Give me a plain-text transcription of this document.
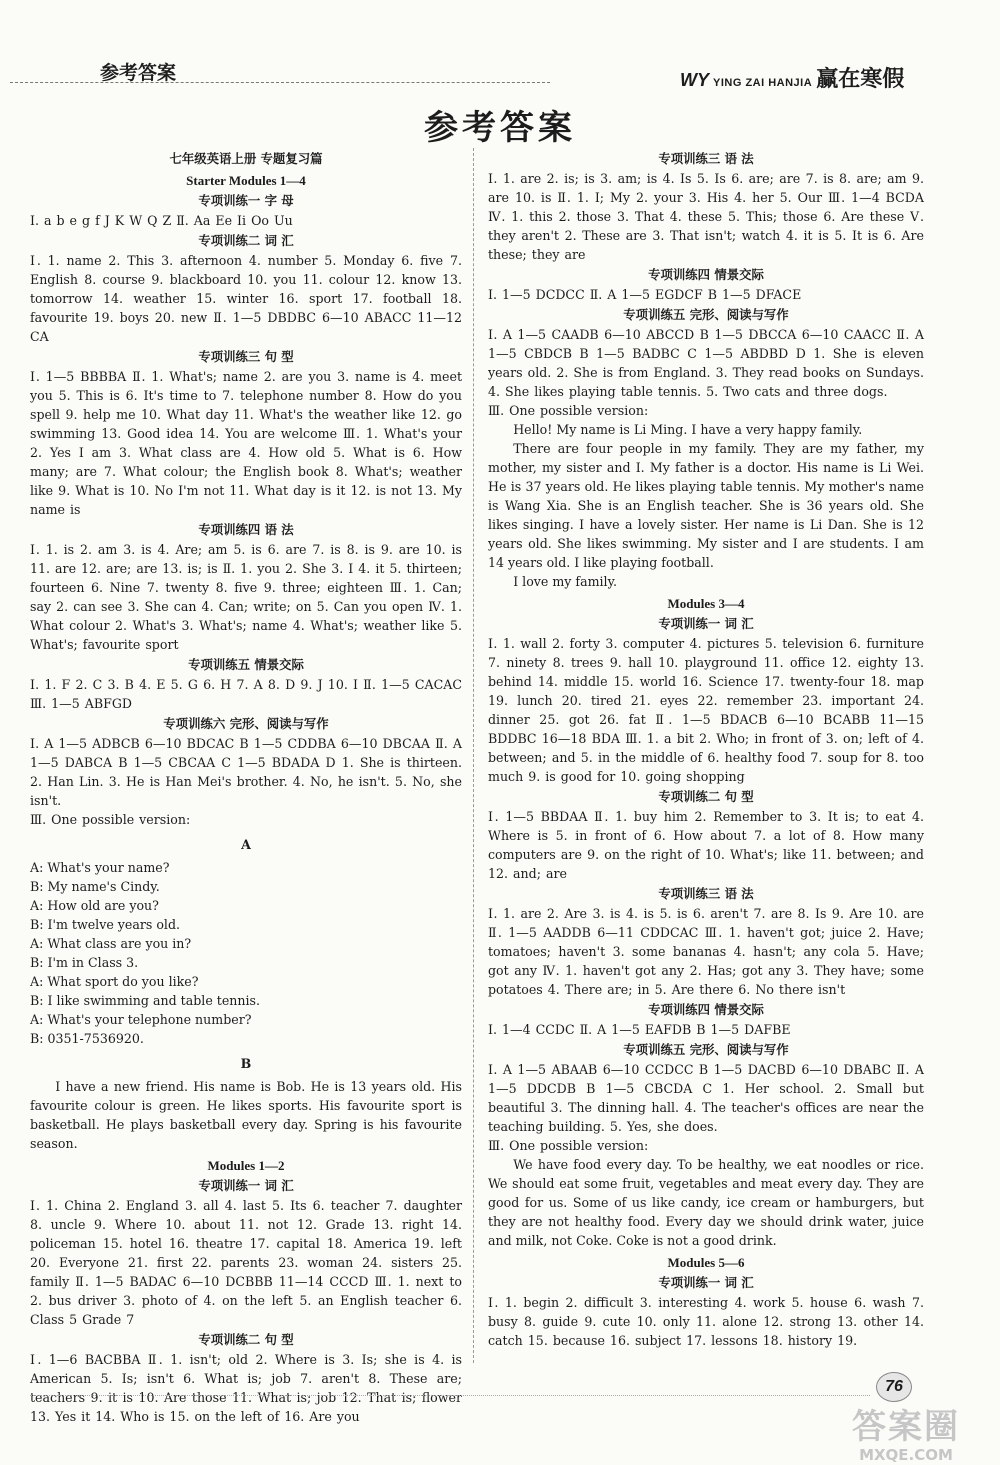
参考答案	WY YING ZAI HANJIA 赢在寒假
参考答案
七年级英语上册 专题复习篇
Starter Modules 1—4
专项训练一 字 母
Ⅰ. a b e g f J K W Q Z Ⅱ. Aa Ee Ii Oo Uu
专项训练二 词 汇
Ⅰ. 1. name 2. This 3. afternoon 4. number 5. Monday 6. five 7. English 8. course 9. blackboard 10. you 11. colour 12. know 13. tomorrow 14. weather 15. winter 16. sport 17. football 18. favourite 19. boys 20. new Ⅱ. 1—5 DBDBC 6—10 ABACC 11—12 CA
专项训练三 句 型
Ⅰ. 1—5 BBBBA Ⅱ. 1. What's; name 2. are you 3. name is 4. meet you 5. This is 6. It's time to 7. telephone number 8. How do you spell 9. help me 10. What day 11. What's the weather like 12. go swimming 13. Good idea 14. You are welcome Ⅲ. 1. What's your 2. Yes I am 3. What class are 4. How old 5. What is 6. How many; are 7. What colour; the English book 8. What's; weather like 9. What is 10. No I'm not 11. What day is it 12. is not 13. My name is
专项训练四 语 法
Ⅰ. 1. is 2. am 3. is 4. Are; am 5. is 6. are 7. is 8. is 9. are 10. is 11. are 12. are; are 13. is; is Ⅱ. 1. you 2. She 3. I 4. it 5. thirteen; fourteen 6. Nine 7. twenty 8. five 9. three; eighteen Ⅲ. 1. Can; say 2. can see 3. She can 4. Can; write; on 5. Can you open Ⅳ. 1. What colour 2. What's 3. What's; name 4. What's; weather like 5. What's; favourite sport
专项训练五 情景交际
Ⅰ. 1. F 2. C 3. B 4. E 5. G 6. H 7. A 8. D 9. J 10. I Ⅱ. 1—5 CACAC Ⅲ. 1—5 ABFGD
专项训练六 完形、阅读与写作
Ⅰ. A 1—5 ADBCB 6—10 BDCAC B 1—5 CDDBA 6—10 DBCAA Ⅱ. A 1—5 DABCA B 1—5 CBCAA C 1—5 BDADA D 1. She is thirteen. 2. Han Lin. 3. He is Han Mei's brother. 4. No, he isn't. 5. No, she isn't.
Ⅲ. One possible version:
A
A: What's your name?
B: My name's Cindy.
A: How old are you?
B: I'm twelve years old.
A: What class are you in?
B: I'm in Class 3.
A: What sport do you like?
B: I like swimming and table tennis.
A: What's your telephone number?
B: 0351-7536920.
B
I have a new friend. His name is Bob. He is 13 years old. His favourite colour is green. He likes sports. His favourite sport is basketball. He plays basketball every day. Spring is his favourite season.
Modules 1—2
专项训练一 词 汇
Ⅰ. 1. China 2. England 3. all 4. last 5. Its 6. teacher 7. daughter 8. uncle 9. Where 10. about 11. not 12. Grade 13. right 14. policeman 15. hotel 16. theatre 17. capital 18. America 19. left 20. Everyone 21. first 22. parents 23. woman 24. sisters 25. family Ⅱ. 1—5 BADAC 6—10 DCBBB 11—14 CCCD Ⅲ. 1. next to 2. bus driver 3. photo of 4. on the left 5. an English teacher 6. Class 5 Grade 7
专项训练二 句 型
Ⅰ. 1—6 BACBBA Ⅱ. 1. isn't; old 2. Where is 3. Is; she is 4. is American 5. Is; isn't 6. What is; job 7. aren't 8. These are; teachers 9. it is 10. Are those 11. What is; job 12. That is; flower 13. Yes it 14. Who is 15. on the left of 16. Are you
专项训练三 语 法
Ⅰ. 1. are 2. is; is 3. am; is 4. Is 5. Is 6. are; are 7. is 8. are; am 9. are 10. is Ⅱ. 1. I; My 2. your 3. His 4. her 5. Our Ⅲ. 1—4 BCDA Ⅳ. 1. this 2. those 3. That 4. these 5. This; those 6. Are these Ⅴ. they aren't 2. These are 3. That isn't; watch 4. it is 5. It is 6. Are these; they are
专项训练四 情景交际
Ⅰ. 1—5 DCDCC Ⅱ. A 1—5 EGDCF B 1—5 DFACE
专项训练五 完形、阅读与写作
Ⅰ. A 1—5 CAADB 6—10 ABCCD B 1—5 DBCCA 6—10 CAACC Ⅱ. A 1—5 CBDCB B 1—5 BADBC C 1—5 ABDBD D 1. She is eleven years old. 2. She is from England. 3. They read books on Sundays. 4. She likes playing table tennis. 5. Two cats and three dogs.
Ⅲ. One possible version:
Hello! My name is Li Ming. I have a very happy family.
There are four people in my family. They are my father, my mother, my sister and I. My father is a doctor. His name is Li Wei. He is 37 years old. He likes playing table tennis. My mother's name is Wang Xia. She is an English teacher. She is 36 years old. She likes singing. I have a lovely sister. Her name is Li Dan. She is 12 years old. She likes swimming. My sister and I are students. I am 14 years old. I like playing football.
I love my family.
Modules 3—4
专项训练一 词 汇
Ⅰ. 1. wall 2. forty 3. computer 4. pictures 5. television 6. furniture 7. ninety 8. trees 9. hall 10. playground 11. office 12. eighty 13. behind 14. middle 15. world 16. Science 17. twenty-four 18. map 19. lunch 20. tired 21. eyes 22. remember 23. important 24. dinner 25. got 26. fat Ⅱ. 1—5 BDACB 6—10 BCABB 11—15 BDDBC 16—18 BDA Ⅲ. 1. a bit 2. Who; in front of 3. on; left of 4. between; and 5. in the middle of 6. healthy food 7. soup for 8. too much 9. is good for 10. going shopping
专项训练二 句 型
Ⅰ. 1—5 BBDAA Ⅱ. 1. buy him 2. Remember to 3. It is; to eat 4. Where is 5. in front of 6. How about 7. a lot of 8. How many computers are 9. on the right of 10. What's; like 11. between; and 12. and; are
专项训练三 语 法
Ⅰ. 1. are 2. Are 3. is 4. is 5. is 6. aren't 7. are 8. Is 9. Are 10. are Ⅱ. 1—5 AADDB 6—11 CDDCAC Ⅲ. 1. haven't got; juice 2. Have; tomatoes; haven't 3. some bananas 4. hasn't; any cola 5. Have; got any Ⅳ. 1. haven't got any 2. Has; got any 3. They have; some potatoes 4. There are; in 5. Are there 6. No there isn't
专项训练四 情景交际
Ⅰ. 1—4 CCDC Ⅱ. A 1—5 EAFDB B 1—5 DAFBE
专项训练五 完形、阅读与写作
Ⅰ. A 1—5 ABAAB 6—10 CCDCC B 1—5 DACBD 6—10 DBABC Ⅱ. A 1—5 DDCDB B 1—5 CBCDA C 1. Her school. 2. Small but beautiful 3. The dinning hall. 4. The teacher's offices are near the teaching building. 5. Yes, she does.
Ⅲ. One possible version:
We have food every day. To be healthy, we eat noodles or rice. We should eat some fruit, vegetables and meat every day. They are good for us. Some of us like candy, ice cream or hamburgers, but they are not healthy food. Every day we should drink water, juice and milk, not Coke. Coke is not a good drink.
Modules 5—6
专项训练一 词 汇
Ⅰ. 1. begin 2. difficult 3. interesting 4. work 5. house 6. wash 7. busy 8. guide 9. cute 10. only 11. alone 12. strong 13. other 14. catch 15. because 16. subject 17. lessons 18. history 19.
76
答案圈
MXQE.COM
